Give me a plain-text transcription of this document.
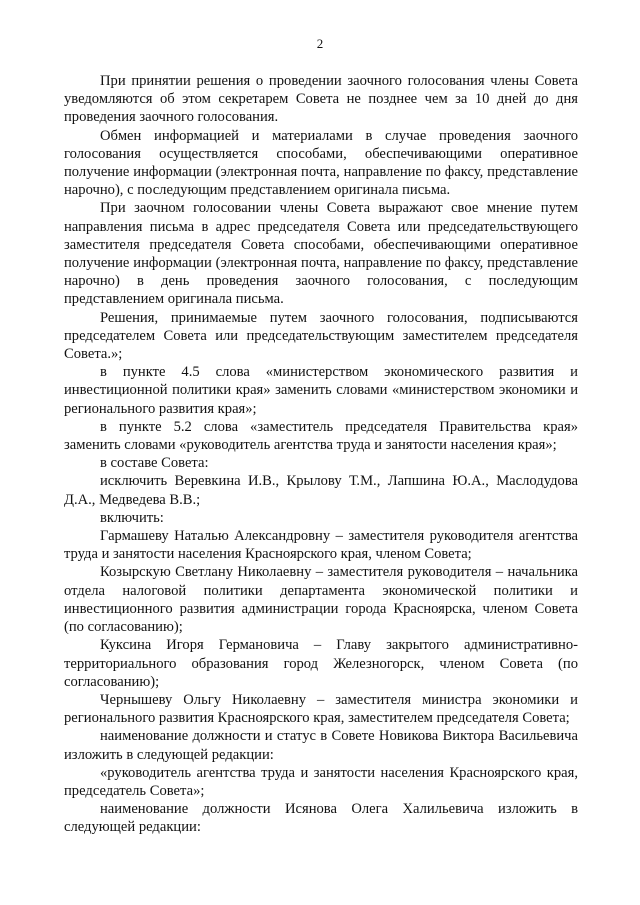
2

При принятии решения о проведении заочного голосования члены Совета уведомляются об этом секретарем Совета не позднее чем за 10 дней до дня проведения заочного голосования.

Обмен информацией и материалами в случае проведения заочного голосования осуществляется способами, обеспечивающими оперативное получение информации (электронная почта, направление по факсу, представление нарочно), с последующим представлением оригинала письма.

При заочном голосовании члены Совета выражают свое мнение путем направления письма в адрес председателя Совета или председательствующего заместителя председателя Совета способами, обеспечивающими оперативное получение информации (электронная почта, направление по факсу, представление нарочно) в день проведения заочного голосования, с последующим представлением оригинала письма.

Решения, принимаемые путем заочного голосования, подписываются председателем Совета или председательствующим заместителем председателя Совета.»;

в пункте 4.5 слова «министерством экономического развития и инвестиционной политики края» заменить словами «министерством экономики и регионального развития края»;

в пункте 5.2 слова «заместитель председателя Правительства края» заменить словами «руководитель агентства труда и занятости населения края»;

в составе Совета:

исключить Веревкина И.В., Крылову Т.М., Лапшина Ю.А., Маслодудова Д.А., Медведева В.В.;

включить:

Гармашеву Наталью Александровну – заместителя руководителя агентства труда и занятости населения Красноярского края, членом Совета;

Козырскую Светлану Николаевну – заместителя руководителя – начальника отдела налоговой политики департамента экономической политики и инвестиционного развития администрации города Красноярска, членом Совета (по согласованию);

Куксина Игоря Германовича – Главу закрытого административно-территориального образования город Железногорск, членом Совета (по согласованию);

Чернышеву Ольгу Николаевну – заместителя министра экономики и регионального развития Красноярского края, заместителем председателя Совета;

наименование должности и статус в Совете Новикова Виктора Васильевича изложить в следующей редакции:

«руководитель агентства труда и занятости населения Красноярского края, председатель Совета»;

наименование должности Исянова Олега Халильевича изложить в следующей редакции:
